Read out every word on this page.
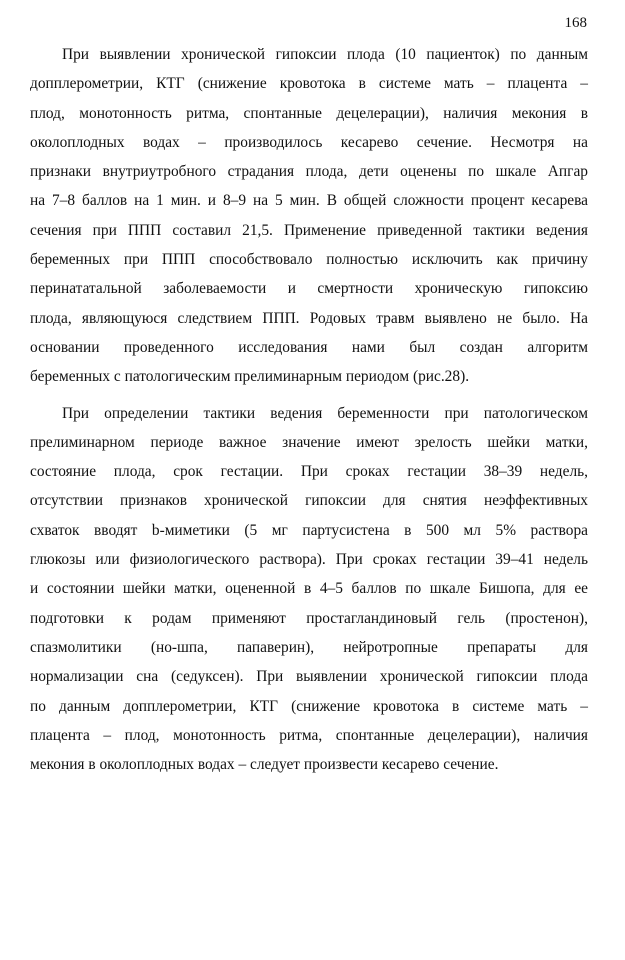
168
При выявлении хронической гипоксии плода (10 пациенток) по данным
допплерометрии, КТГ (снижение кровотока в системе мать – плацента –
плод, монотонность ритма, спонтанные децелерации), наличия мекония в
околоплодных водах – производилось кесарево сечение. Несмотря на
признаки внутриутробного страдания плода, дети оценены по шкале Апгар
на 7–8 баллов на 1 мин. и 8–9 на 5 мин. В общей сложности процент кесарева
сечения при ППП составил 21,5. Применение приведенной тактики ведения
беременных при ППП способствовало полностью исключить как причину
перинататальной заболеваемости и смертности хроническую гипоксию
плода, являющуюся следствием ППП. Родовых травм выявлено не было. На
основании проведенного исследования нами был создан алгоритм
беременных с патологическим прелиминарным периодом (рис.28).
При определении тактики ведения беременности при патологическом
прелиминарном периоде важное значение имеют зрелость шейки матки,
состояние плода, срок гестации. При сроках гестации 38–39 недель,
отсутствии признаков хронической гипоксии для снятия неэффективных
схваток вводят b-миметики (5 мг партусистена в 500 мл 5% раствора
глюкозы или физиологического раствора). При сроках гестации 39–41 недель
и состоянии шейки матки, оцененной в 4–5 баллов по шкале Бишопа, для ее
подготовки к родам применяют простагландиновый гель (простенон),
спазмолитики (но-шпа, папаверин), нейротропные препараты для
нормализации сна (седуксен). При выявлении хронической гипоксии плода
по данным допплерометрии, КТГ (снижение кровотока в системе мать –
плацента – плод, монотонность ритма, спонтанные децелерации), наличия
мекония в околоплодных водах – следует произвести кесарево сечение.
